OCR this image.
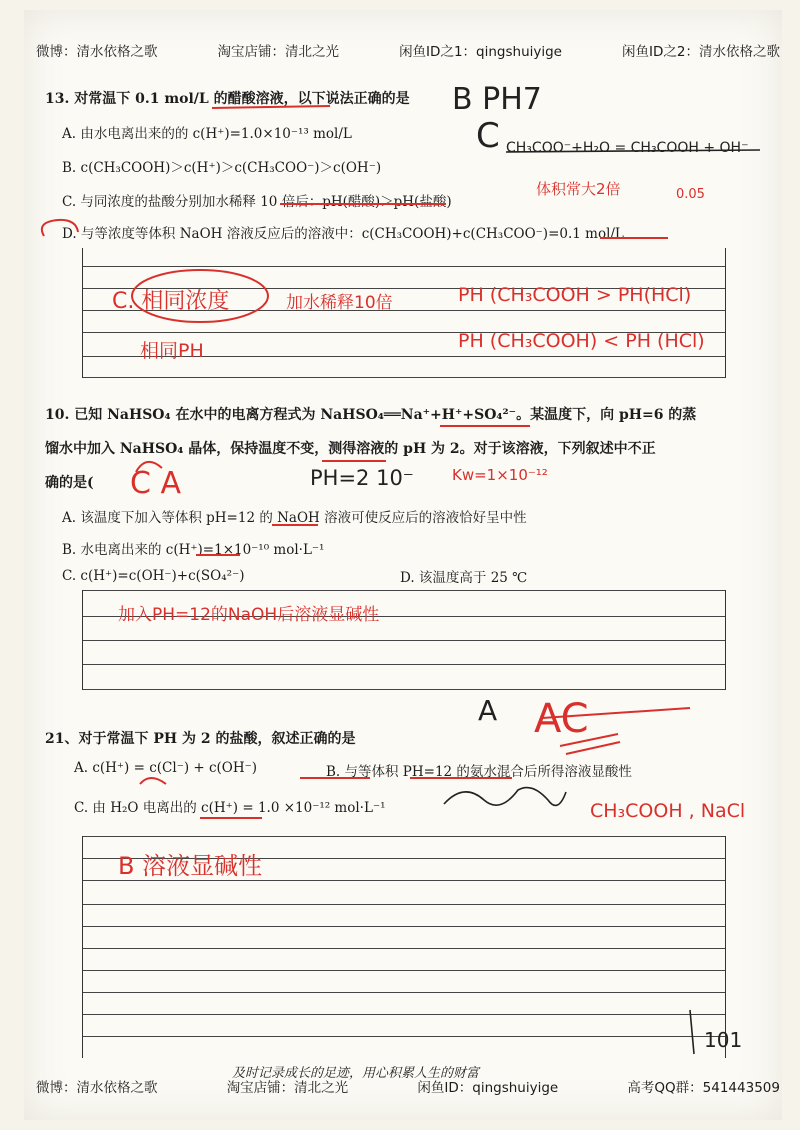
微博：清水依格之歌	淘宝店铺：清北之光	闲鱼ID之1：qingshuiyige	闲鱼ID之2：清水依格之歌
13. 对常温下 0.1 mol/L 的醋酸溶液，以下说法正确的是
A. 由水电离出来的的 c(H⁺)=1.0×10⁻¹³ mol/L
B. c(CH₃COOH)＞c(H⁺)＞c(CH₃COO⁻)＞c(OH⁻)
C. 与同浓度的盐酸分别加水稀释 10 倍后：pH(醋酸)＞pH(盐酸)
D. 与等浓度等体积 NaOH 溶液反应后的溶液中：c(CH₃COOH)+c(CH₃COO⁻)=0.1 mol/L
B PH7
C CH₃COO⁻+H₂O = CH₃COOH + OH⁻
体积常大2倍	0.05
C. 相同浓度	加水稀释10倍	PH (CH₃COOH > PH(HCl)
相同PH	PH (CH₃COOH) < PH (HCl)
10. 已知 NaHSO₄ 在水中的电离方程式为 NaHSO₄══Na⁺+H⁺+SO₄²⁻。某温度下，向 pH=6 的蒸
馏水中加入 NaHSO₄ 晶体，保持温度不变，测得溶液的 pH 为 2。对于该溶液，下列叙述中不正
确的是(
A. 该温度下加入等体积 pH=12 的 NaOH 溶液可使反应后的溶液恰好呈中性
B. 水电离出来的 c(H⁺)=1×10⁻¹⁰ mol·L⁻¹
C. c(H⁺)=c(OH⁻)+c(SO₄²⁻)	D. 该温度高于 25 ℃
C A	PH=2 10⁻	Kw=1×10⁻¹²
加入PH=12的NaOH后溶液显碱性
21、对于常温下 PH 为 2 的盐酸，叙述正确的是
A. c(H⁺) = c(Cl⁻) + c(OH⁻)	B. 与等体积 PH=12 的氨水混合后所得溶液显酸性
C. 由 H₂O 电离出的 c(H⁺) = 1.0 ×10⁻¹² mol·L⁻¹
A AC
CH₃COOH , NaCl
B 溶液显碱性
101
微博：清水依格之歌	淘宝店铺：清北之光	闲鱼ID：qingshuiyige	高考QQ群：541443509
及时记录成长的足迹，用心积累人生的财富
